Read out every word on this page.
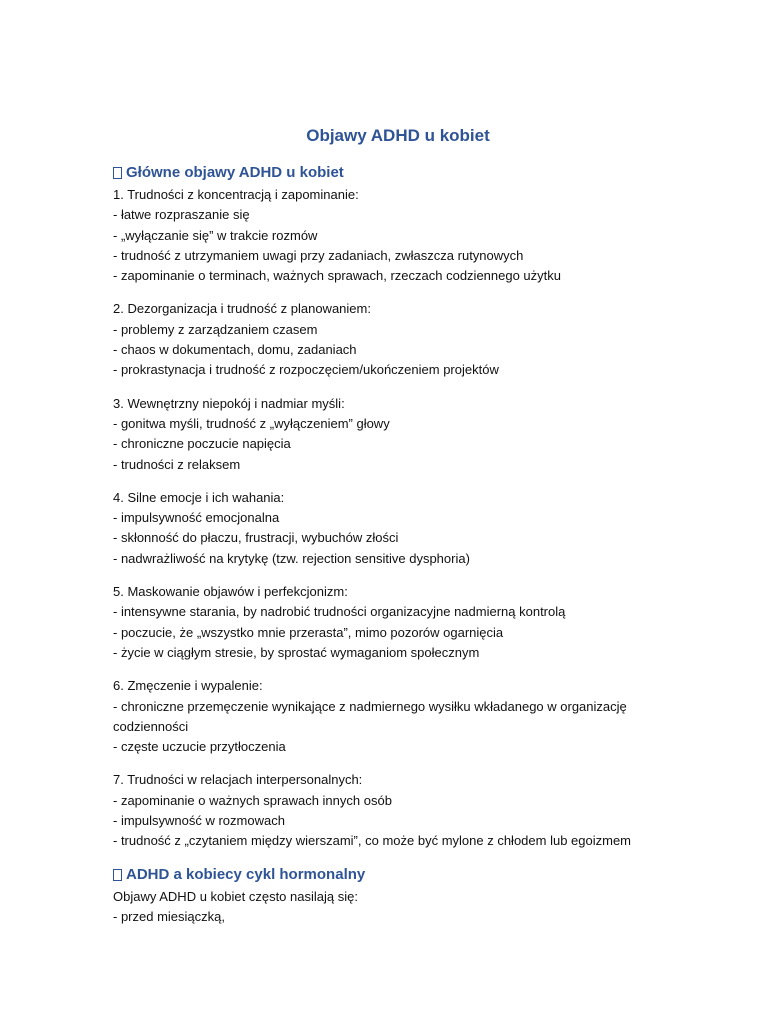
Objawy ADHD u kobiet
Główne objawy ADHD u kobiet

1. Trudności z koncentracją i zapominanie:

- łatwe rozpraszanie się

- „wyłączanie się” w trakcie rozmów

- trudność z utrzymaniem uwagi przy zadaniach, zwłaszcza rutynowych

- zapominanie o terminach, ważnych sprawach, rzeczach codziennego użytku

2. Dezorganizacja i trudność z planowaniem:

- problemy z zarządzaniem czasem

- chaos w dokumentach, domu, zadaniach

- prokrastynacja i trudność z rozpoczęciem/ukończeniem projektów

3. Wewnętrzny niepokój i nadmiar myśli:

- gonitwa myśli, trudność z „wyłączeniem” głowy

- chroniczne poczucie napięcia

- trudności z relaksem

4. Silne emocje i ich wahania:

- impulsywność emocjonalna

- skłonność do płaczu, frustracji, wybuchów złości

- nadwrażliwość na krytykę (tzw. rejection sensitive dysphoria)

5. Maskowanie objawów i perfekcjonizm:

- intensywne starania, by nadrobić trudności organizacyjne nadmierną kontrolą

- poczucie, że „wszystko mnie przerasta”, mimo pozorów ogarnięcia

- życie w ciągłym stresie, by sprostać wymaganiom społecznym

6. Zmęczenie i wypalenie:

- chroniczne przemęczenie wynikające z nadmiernego wysiłku wkładanego w organizację codzienności

- częste uczucie przytłoczenia

7. Trudności w relacjach interpersonalnych:

- zapominanie o ważnych sprawach innych osób

- impulsywność w rozmowach

- trudność z „czytaniem między wierszami”, co może być mylone z chłodem lub egoizmem

ADHD a kobiecy cykl hormonalny

Objawy ADHD u kobiet często nasilają się:

- przed miesiączką,
